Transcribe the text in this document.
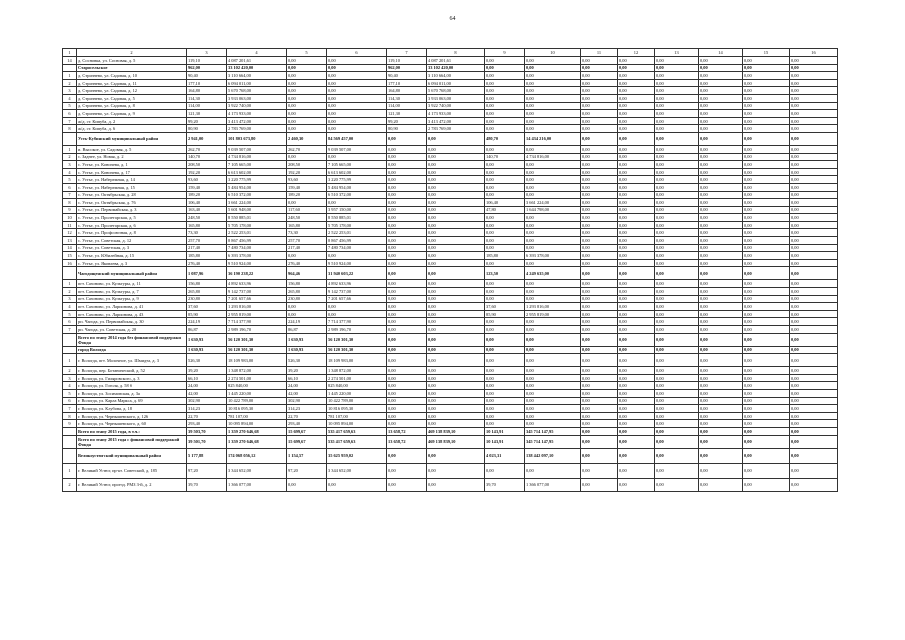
64
1	2	3	4	5	6	7	8	9	10	11	12	13	14	15	16
14	д. Сосновка, ул. Сосновая, д. 5	119,10	4 087 201,61	0,00	0,00	119,10	4 087 201,61	0,00	0,00	0,00	0,00	0,00	0,00	0,00	0,00
	Старосельское	962,00	33 102 420,00	0,00	0,00	962,00	33 102 420,00	0,00	0,00	0,00	0,00	0,00	0,00	0,00	0,00
1	д. Стризнево, ул. Садовая, д. 10	90,40	3 110 664,00	0,00	0,00	90,40	3 110 664,00	0,00	0,00	0,00	0,00	0,00	0,00	0,00	0,00
2	д. Стризнево, ул. Садовая, д. 11	177,10	6 094 011,00	0,00	0,00	177,10	6 094 011,00	0,00	0,00	0,00	0,00	0,00	0,00	0,00	0,00
3	д. Стризнево, ул. Садовая, д. 12	164,80	5 670 768,00	0,00	0,00	164,80	5 670 768,00	0,00	0,00	0,00	0,00	0,00	0,00	0,00	0,00
4	д. Стризнево, ул. Садовая, д. 5	114,30	3 933 063,00	0,00	0,00	114,30	3 933 063,00	0,00	0,00	0,00	0,00	0,00	0,00	0,00	0,00
5	д. Стризнево, ул. Садовая, д. 8	114,00	3 922 740,00	0,00	0,00	114,00	3 922 740,00	0,00	0,00	0,00	0,00	0,00	0,00	0,00	0,00
6	д. Стризнево, ул. Садовая, д. 9	121,30	4 173 933,00	0,00	0,00	121,30	4 173 933,00	0,00	0,00	0,00	0,00	0,00	0,00	0,00	0,00
7	ж/д. ст. Кипуба, д. 2	99,20	3 413 472,00	0,00	0,00	99,20	3 413 472,00	0,00	0,00	0,00	0,00	0,00	0,00	0,00	0,00
8	ж/д. ст. Кипуба, д. 6	80,90	2 783 769,00	0,00	0,00	80,90	2 783 769,00	0,00	0,00	0,00	0,00	0,00	0,00	0,00	0,00
	Усть-Кубинский муниципальный район	2 941,00	101 803 673,80	2 460,30	84 569 457,00	0,00	0,00	480,70	14 434 216,00	0,00	0,00	0,00	0,00	0,00	0,00
1	и. Высокое, ул. Садовая, д. 5	262,70	9 039 507,00	262,70	9 039 507,00	0,00	0,00	0,00	0,00	0,00	0,00	0,00	0,00	0,00	0,00
2	с. Заднее, ул. Новая, д. 2	140,70	4 734 816,00	0,00	0,00	0,00	0,00	140,70	4 734 816,00	0,00	0,00	0,00	0,00	0,00	0,00
3	с. Устье, ул. Коничева, д. 1	208,50	7 105 665,00	208,50	7 105 665,00	0,00	0,00	0,00	0,00	0,00	0,00	0,00	0,00	0,00	0,00
4	с. Устье, ул. Коничева, д. 17	192,20	6 613 602,00	192,20	6 613 602,00	0,00	0,00	0,00	0,00	0,00	0,00	0,00	0,00	0,00	0,00
5	с. Устье, ул. Набережная, д. 14	93,60	3 220 775,99	93,60	3 220 775,99	0,00	0,00	0,00	0,00	0,00	0,00	0,00	0,00	0,00	0,00
6	с. Устье, ул. Набережная, д. 15	159,40	5 484 954,00	159,40	5 484 954,00	0,00	0,00	0,00	0,00	0,00	0,00	0,00	0,00	0,00	0,00
7	с. Устье, ул. Октябрьская, д. 28	189,20	6 510 372,00	189,20	6 510 372,00	0,00	0,00	0,00	0,00	0,00	0,00	0,00	0,00	0,00	0,00
8	с. Устье, ул. Октябрьская, д. 76	106,40	3 661 224,00	0,00	0,00	0,00	0,00	106,40	3 661 224,00	0,00	0,00	0,00	0,00	0,00	0,00
9	с. Устье, ул. Первомайская, д. 3	163,40	5 601 948,00	117,60	3 957 150,00	0,00	0,00	47,80	1 644 798,00	0,00	0,00	0,00	0,00	0,00	0,00
10	с. Устье, ул. Пролетарская, д. 5	248,50	8 550 885,01	248,50	8 550 885,01	0,00	0,00	0,00	0,00	0,00	0,00	0,00	0,00	0,00	0,00
11	с. Устье, ул. Пролетарская, д. 6	165,80	5 705 178,00	165,80	5 705 178,00	0,00	0,00	0,00	0,00	0,00	0,00	0,00	0,00	0,00	0,00
12	с. Устье, ул. Профсоюзная, д. 8	73,30	2 522 253,01	73,30	2 522 253,01	0,00	0,00	0,00	0,00	0,00	0,00	0,00	0,00	0,00	0,00
13	с. Устье, ул. Советская, д. 12	257,70	8 867 456,99	257,70	8 867 456,99	0,00	0,00	0,00	0,00	0,00	0,00	0,00	0,00	0,00	0,00
14	с. Устье, ул. Советская, д. 3	217,40	7 480 734,00	217,40	7 480 734,00	0,00	0,00	0,00	0,00	0,00	0,00	0,00	0,00	0,00	0,00
15	с. Устье, ул. Юбилейная, д. 15	185,80	6 393 378,00	0,00	0,00	0,00	0,00	185,80	6 393 378,00	0,00	0,00	0,00	0,00	0,00	0,00
16	с. Устье, ул. Яковлева, д. 3	276,40	9 510 924,00	276,40	9 510 924,00	0,00	0,00	0,00	0,00	0,00	0,00	0,00	0,00	0,00	0,00
	Чагодощенский муниципальный район	1 087,96	36 190 238,22	964,46	31 940 603,22	0,00	0,00	123,50	4 249 635,00	0,00	0,00	0,00	0,00	0,00	0,00
1	пгт. Сазоново, ул. Культуры, д. 11	156,80	4 892 633,96	156,80	4 892 633,96	0,00	0,00	0,00	0,00	0,00	0,00	0,00	0,00	0,00	0,00
2	пгт. Сазоново, ул. Культуры, д. 7	265,80	9 142 737,00	265,80	9 142 737,00	0,00	0,00	0,00	0,00	0,00	0,00	0,00	0,00	0,00	0,00
3	пгт. Сазоново, ул. Культуры, д. 9	230,80	7 201 657,66	230,80	7 201 657,66	0,00	0,00	0,00	0,00	0,00	0,00	0,00	0,00	0,00	0,00
4	пгт. Сазоново, ул. Ларионова, д. 41	37,60	1 293 816,00	0,00	0,00	0,00	0,00	37,60	1 293 816,00	0,00	0,00	0,00	0,00	0,00	0,00
5	пгт. Сазоново, ул. Ларионова, д. 43	85,90	2 955 819,00	0,00	0,00	0,00	0,00	85,90	2 955 819,00	0,00	0,00	0,00	0,00	0,00	0,00
6	рп. Чагода, ул. Первомайская, д. 30	224,19	7 714 377,90	224,19	7 714 377,90	0,00	0,00	0,00	0,00	0,00	0,00	0,00	0,00	0,00	0,00
7	рп. Чагода, ул. Советская, д. 20	86,87	2 989 196,70	86,87	2 989 196,70	0,00	0,00	0,00	0,00	0,00	0,00	0,00	0,00	0,00	0,00
	Всего по этапу 2014 года без финансовой поддержки Фонда	1 630,93	56 120 301,30	1 630,93	56 120 301,30	0,00	0,00	0,00	0,00	0,00	0,00	0,00	0,00	0,00	0,00
	город Вологда	1 630,93	56 120 301,30	1 630,93	56 120 301,30	0,00	0,00	0,00	0,00	0,00	0,00	0,00	0,00	0,00	0,00
1	г. Вологда, пгт. Молочное, ул. Шмидта, д. 3	526,30	18 109 983,00	526,30	18 109 983,00	0,00	0,00	0,00	0,00	0,00	0,00	0,00	0,00	0,00	0,00
2	г. Вологда, пер. Ботанический, д. 52	39,20	1 348 872,00	39,20	1 348 872,00	0,00	0,00	0,00	0,00	0,00	0,00	0,00	0,00	0,00	0,00
3	г. Вологда, ул. Гиляровского, д. 3	66,10	2 274 501,00	66,10	2 274 501,00	0,00	0,00	0,00	0,00	0,00	0,00	0,00	0,00	0,00	0,00
4	г. Вологда, ул. Гоголя, д. 58 б	24,00	825 840,00	24,00	825 840,00	0,00	0,00	0,00	0,00	0,00	0,00	0,00	0,00	0,00	0,00
5	г. Вологда, ул. Зосимовская, д. 3а	42,00	1 445 220,00	42,00	1 445 220,00	0,00	0,00	0,00	0,00	0,00	0,00	0,00	0,00	0,00	0,00
6	г. Вологда, ул. Карла Маркса, д. 69	302,90	10 422 789,00	302,90	10 422 789,00	0,00	0,00	0,00	0,00	0,00	0,00	0,00	0,00	0,00	0,00
7	г. Вологда, ул. Клубова, д. 18	314,23	10 816 095,30	314,23	10 816 095,30	0,00	0,00	0,00	0,00	0,00	0,00	0,00	0,00	0,00	0,00
8	г. Вологда, ул. Чернышевского, д. 126	22,70	781 107,00	22,70	781 107,00	0,00	0,00	0,00	0,00	0,00	0,00	0,00	0,00	0,00	0,00
9	г. Вологда, ул. Чернышевского, д. 60	293,40	10 095 894,00	293,40	10 095 894,00	0,00	0,00	0,00	0,00	0,00	0,00	0,00	0,00	0,00	0,00
	Всего по этапу 2015 года, в т.ч.:	39 503,70	1 359 270 646,68	15 699,67	535 417 659,63	13 658,72	469 138 839,10	10 143,91	345 714 147,95	0,00	0,00	0,00	0,00	0,00	0,00
	Всего по этапу 2015 года с финансовой поддержкой Фонда	39 501,70	1 359 270 646,68	15 699,67	535 417 659,63	13 658,72	469 138 839,10	10 143,91	345 714 147,95	0,00	0,00	0,00	0,00	0,00	0,00
	Великоустюгский муниципальный район	5 177,88	174 068 056,12	1 154,57	35 625 959,02	0,00	0,00	4 023,31	138 442 097,10	0,00	0,00	0,00	0,00	0,00	0,00
1	г. Великий Устюг, пр-кт. Советский, д. 185	97,20	3 344 652,00	97,20	3 344 652,00	0,00	0,00	0,00	0,00	0,00	0,00	0,00	0,00	0,00	0,00
2	г. Великий Устюг, проезд. РМЗ 3-й, д. 2	39,70	1 366 077,00	0,00	0,00	0,00	0,00	39,70	1 366 077,00	0,00	0,00	0,00	0,00	0,00	0,00
